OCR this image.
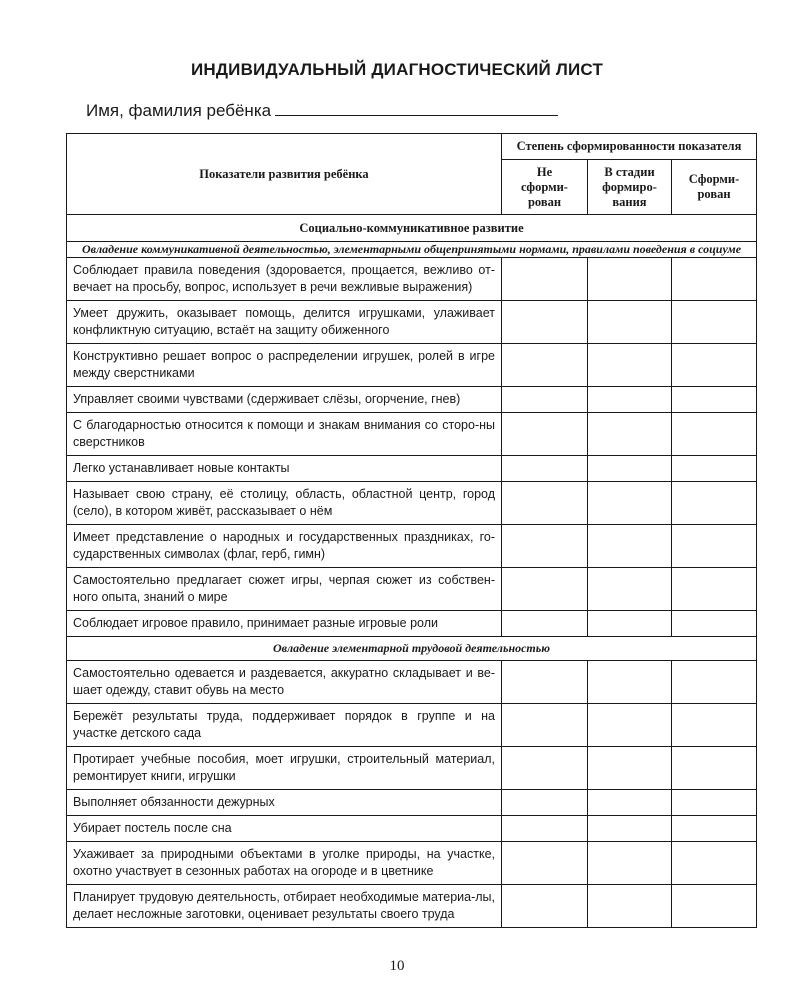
ИНДИВИДУАЛЬНЫЙ ДИАГНОСТИЧЕСКИЙ ЛИСТ
Имя, фамилия ребёнка
Показатели развития ребёнка	Степень сформированности показателя		
	Не сформи-рован	В стадии формиро-вания	Сформи-рован
Социально-коммуникативное развитие			
Овладение коммуникативной деятельностью, элементарными общепринятыми нормами, правилами поведения в социуме			
Соблюдает правила поведения (здоровается, прощается, вежливо от-вечает на просьбу, вопрос, использует в речи вежливые выражения)			
Умеет дружить, оказывает помощь, делится игрушками, улаживает конфликтную ситуацию, встаёт на защиту обиженного			
Конструктивно решает вопрос о распределении игрушек, ролей в игре между сверстниками			
Управляет своими чувствами (сдерживает слёзы, огорчение, гнев)			
С благодарностью относится к помощи и знакам внимания со сторо-ны сверстников			
Легко устанавливает новые контакты			
Называет свою страну, её столицу, область, областной центр, город (село), в котором живёт, рассказывает о нём			
Имеет представление о народных и государственных праздниках, го-сударственных символах (флаг, герб, гимн)			
Самостоятельно предлагает сюжет игры, черпая сюжет из собствен-ного опыта, знаний о мире			
Соблюдает игровое правило, принимает разные игровые роли			
Овладение элементарной трудовой деятельностью			
Самостоятельно одевается и раздевается, аккуратно складывает и ве-шает одежду, ставит обувь на место			
Бережёт результаты труда, поддерживает порядок в группе и на участке детского сада			
Протирает учебные пособия, моет игрушки, строительный материал, ремонтирует книги, игрушки			
Выполняет обязанности дежурных			
Убирает постель после сна			
Ухаживает за природными объектами в уголке природы, на участке, охотно участвует в сезонных работах на огороде и в цветнике			
Планирует трудовую деятельность, отбирает необходимые материа-лы, делает несложные заготовки, оценивает результаты своего труда			
10
